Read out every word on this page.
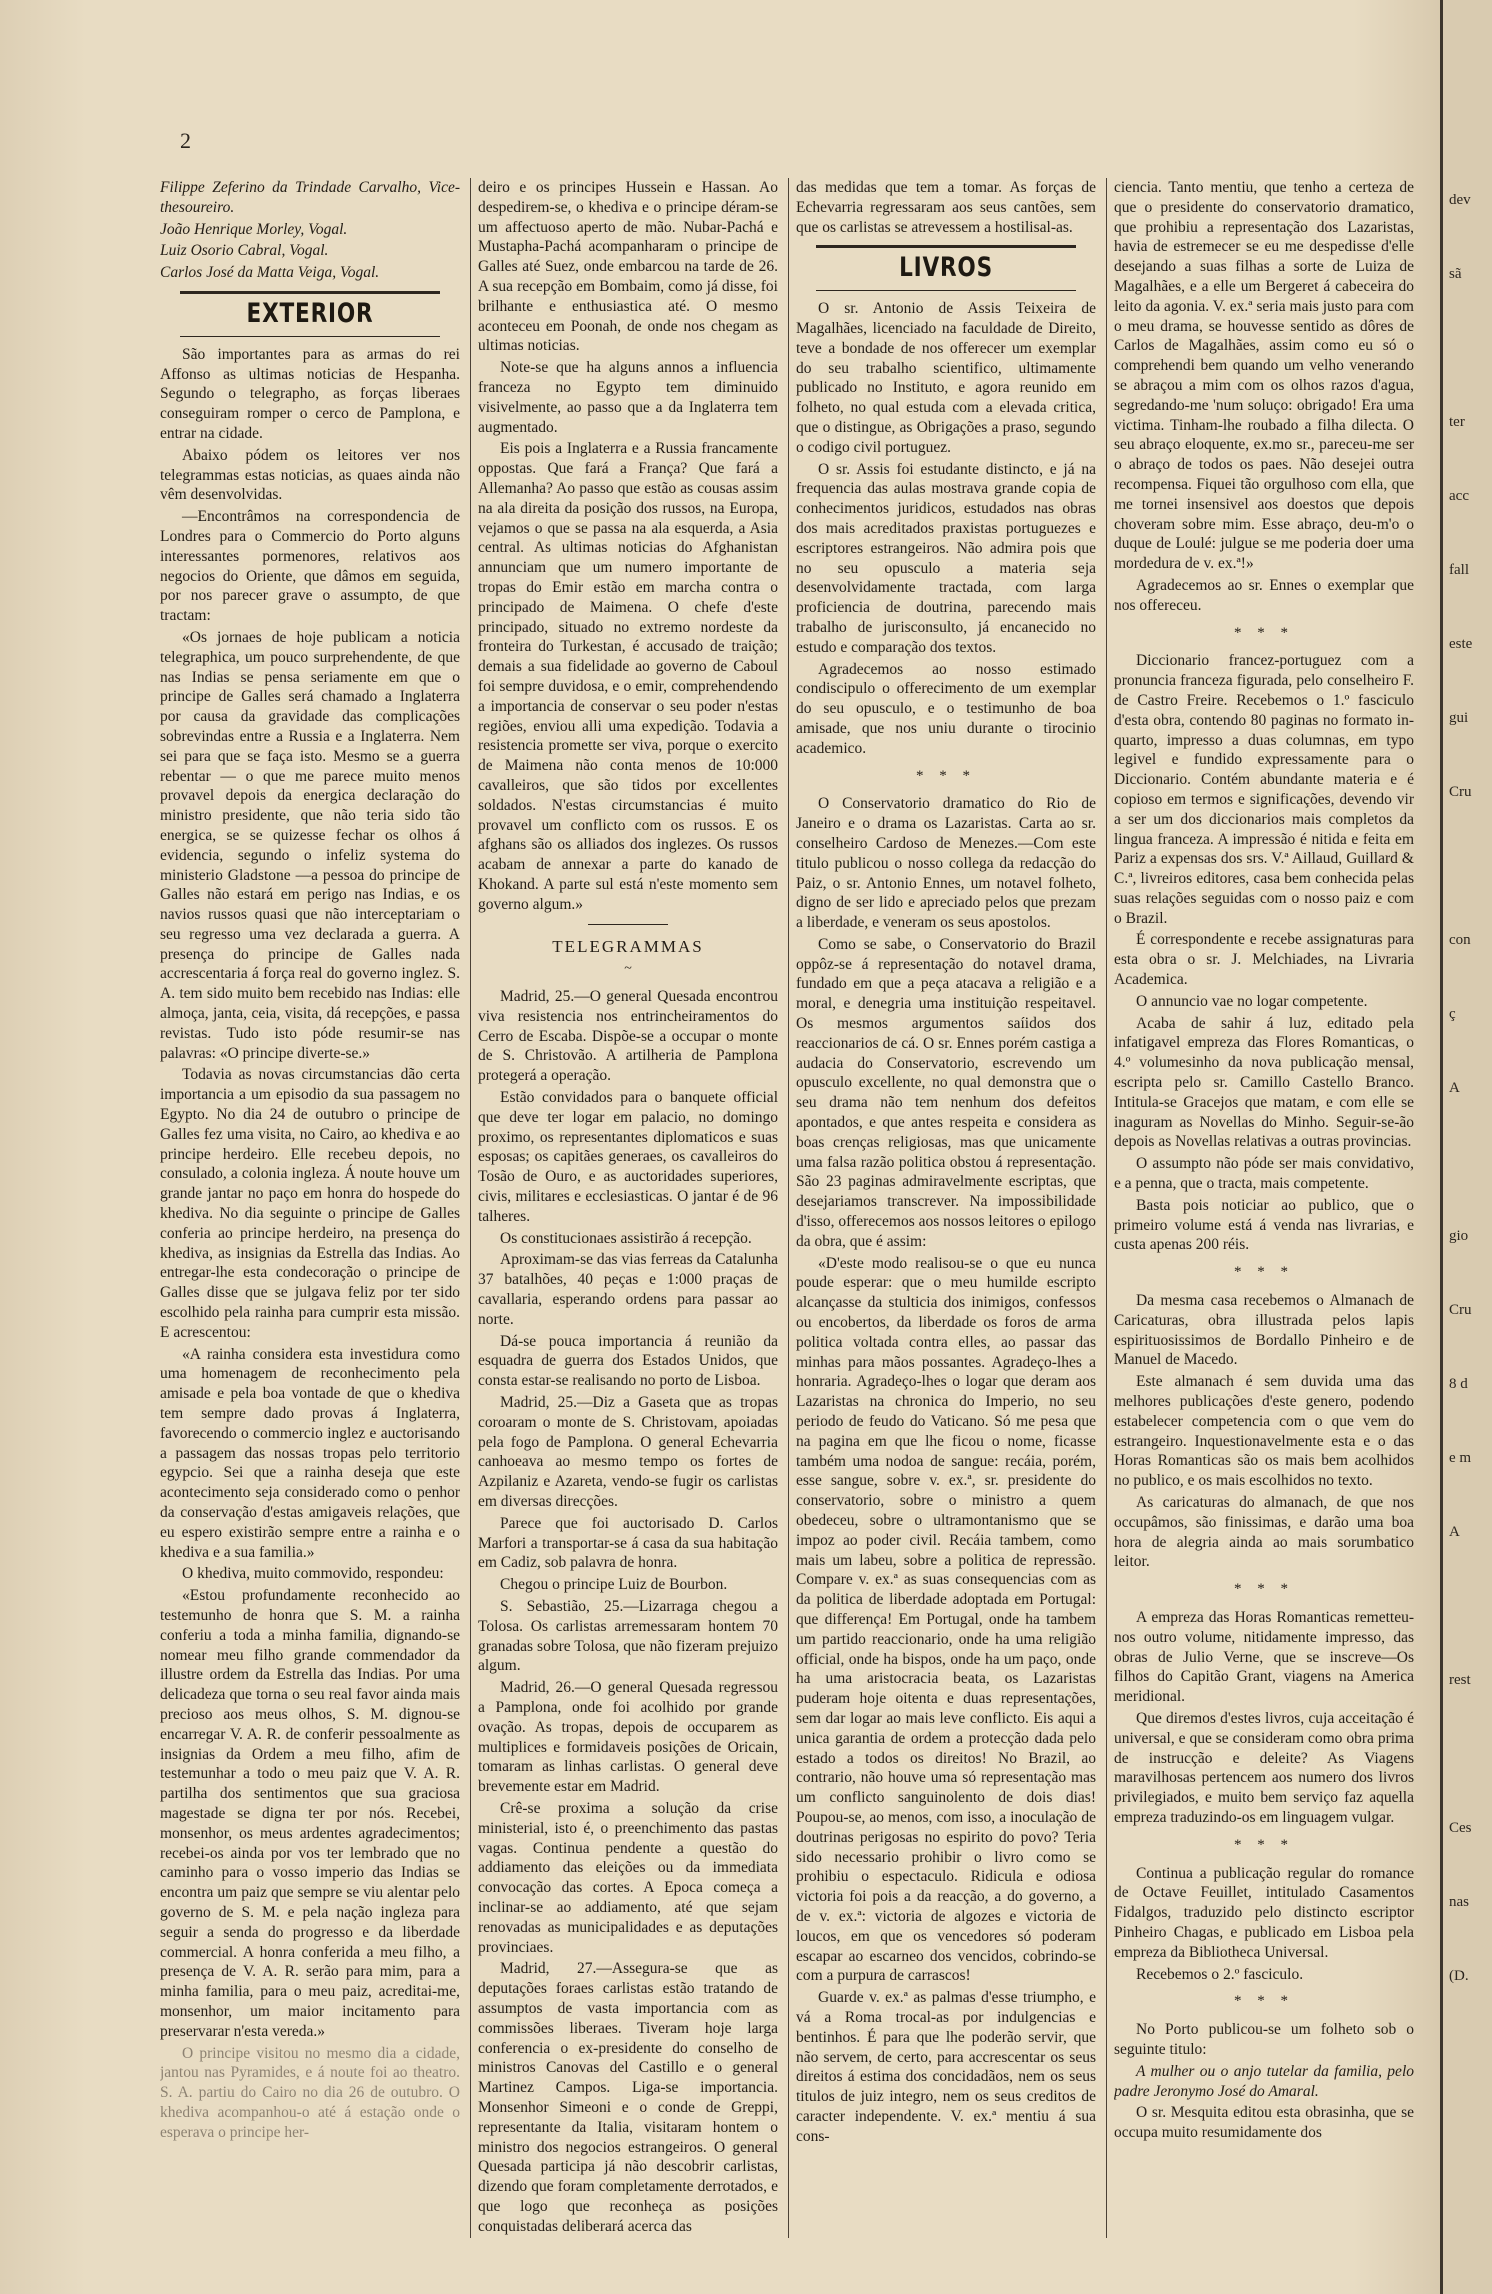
2

Filippe Zeferino da Trindade Carvalho, Vice-thesoureiro.

João Henrique Morley, Vogal.

Luiz Osorio Cabral, Vogal.

Carlos José da Matta Veiga, Vogal.

EXTERIOR

São importantes para as armas do rei Affonso as ultimas noticias de Hespanha. Segundo o telegrapho, as forças liberaes conseguiram romper o cerco de Pamplona, e entrar na cidade.

Abaixo pódem os leitores ver nos telegrammas estas noticias, as quaes ainda não vêm desenvolvidas.

—Encontrâmos na correspondencia de Londres para o Commercio do Porto alguns interessantes pormenores, relativos aos negocios do Oriente, que dâmos em seguida, por nos parecer grave o assumpto, de que tractam:

«Os jornaes de hoje publicam a noticia telegraphica, um pouco surprehendente, de que nas Indias se pensa seriamente em que o principe de Galles será chamado a Inglaterra por causa da gravidade das complicações sobrevindas entre a Russia e a Inglaterra. Nem sei para que se faça isto. Mesmo se a guerra rebentar — o que me parece muito menos provavel depois da energica declaração do ministro presidente, que não teria sido tão energica, se se quizesse fechar os olhos á evidencia, segundo o infeliz systema do ministerio Gladstone —a pessoa do principe de Galles não estará em perigo nas Indias, e os navios russos quasi que não interceptariam o seu regresso uma vez declarada a guerra. A presença do principe de Galles nada accrescentaria á força real do governo inglez. S. A. tem sido muito bem recebido nas Indias: elle almoça, janta, ceia, visita, dá recepções, e passa revistas. Tudo isto póde resumir-se nas palavras: «O principe diverte-se.»

Todavia as novas circumstancias dão certa importancia a um episodio da sua passagem no Egypto. No dia 24 de outubro o principe de Galles fez uma visita, no Cairo, ao khediva e ao principe herdeiro. Elle recebeu depois, no consulado, a colonia ingleza. Á noute houve um grande jantar no paço em honra do hospede do khediva. No dia seguinte o principe de Galles conferia ao principe herdeiro, na presença do khediva, as insignias da Estrella das Indias. Ao entregar-lhe esta condecoração o principe de Galles disse que se julgava feliz por ter sido escolhido pela rainha para cumprir esta missão. E acrescentou:

«A rainha considera esta investidura como uma homenagem de reconhecimento pela amisade e pela boa vontade de que o khediva tem sempre dado provas á Inglaterra, favorecendo o commercio inglez e auctorisando a passagem das nossas tropas pelo territorio egypcio. Sei que a rainha deseja que este acontecimento seja considerado como o penhor da conservação d'estas amigaveis relações, que eu espero existirão sempre entre a rainha e o khediva e a sua familia.»

O khediva, muito commovido, respondeu:

«Estou profundamente reconhecido ao testemunho de honra que S. M. a rainha conferiu a toda a minha familia, dignando-se nomear meu filho grande commendador da illustre ordem da Estrella das Indias. Por uma delicadeza que torna o seu real favor ainda mais precioso aos meus olhos, S. M. dignou-se encarregar V. A. R. de conferir pessoalmente as insignias da Ordem a meu filho, afim de testemunhar a todo o meu paiz que V. A. R. partilha dos sentimentos que sua graciosa magestade se digna ter por nós. Recebei, monsenhor, os meus ardentes agradecimentos; recebei-os ainda por vos ter lembrado que no caminho para o vosso imperio das Indias se encontra um paiz que sempre se viu alentar pelo governo de S. M. e pela nação ingleza para seguir a senda do progresso e da liberdade commercial. A honra conferida a meu filho, a presença de V. A. R. serão para mim, para a minha familia, para o meu paiz, acreditai-me, monsenhor, um maior incitamento para preservarar n'esta vereda.»

O principe visitou no mesmo dia a cidade, jantou nas Pyramides, e á noute foi ao theatro. S. A. partiu do Cairo no dia 26 de outubro. O khediva acompanhou-o até á estação onde o esperava o principe her-

deiro e os principes Hussein e Hassan. Ao despedirem-se, o khediva e o principe déram-se um affectuoso aperto de mão. Nubar-Pachá e Mustapha-Pachá acompanharam o principe de Galles até Suez, onde embarcou na tarde de 26. A sua recepção em Bombaim, como já disse, foi brilhante e enthusiastica até. O mesmo aconteceu em Poonah, de onde nos chegam as ultimas noticias.

Note-se que ha alguns annos a influencia franceza no Egypto tem diminuido visivelmente, ao passo que a da Inglaterra tem augmentado.

Eis pois a Inglaterra e a Russia francamente oppostas. Que fará a França? Que fará a Allemanha? Ao passo que estão as cousas assim na ala direita da posição dos russos, na Europa, vejamos o que se passa na ala esquerda, a Asia central. As ultimas noticias do Afghanistan annunciam que um numero importante de tropas do Emir estão em marcha contra o principado de Maimena. O chefe d'este principado, situado no extremo nordeste da fronteira do Turkestan, é accusado de traição; demais a sua fidelidade ao governo de Caboul foi sempre duvidosa, e o emir, comprehendendo a importancia de conservar o seu poder n'estas regiões, enviou alli uma expedição. Todavia a resistencia promette ser viva, porque o exercito de Maimena não conta menos de 10:000 cavalleiros, que são tidos por excellentes soldados. N'estas circumstancias é muito provavel um conflicto com os russos. E os afghans são os alliados dos inglezes. Os russos acabam de annexar a parte do kanado de Khokand. A parte sul está n'este momento sem governo algum.»

TELEGRAMMAS
~

Madrid, 25.—O general Quesada encontrou viva resistencia nos entrincheiramentos do Cerro de Escaba. Dispõe-se a occupar o monte de S. Christovão. A artilheria de Pamplona protegerá a operação.

Estão convidados para o banquete official que deve ter logar em palacio, no domingo proximo, os representantes diplomaticos e suas esposas; os capitães generaes, os cavalleiros do Tosão de Ouro, e as auctoridades superiores, civis, militares e ecclesiasticas. O jantar é de 96 talheres.

Os constitucionaes assistirão á recepção.

Aproximam-se das vias ferreas da Catalunha 37 batalhões, 40 peças e 1:000 praças de cavallaria, esperando ordens para passar ao norte.

Dá-se pouca importancia á reunião da esquadra de guerra dos Estados Unidos, que consta estar-se realisando no porto de Lisboa.

Madrid, 25.—Diz a Gaseta que as tropas coroaram o monte de S. Christovam, apoiadas pela fogo de Pamplona. O general Echevarria canhoeava ao mesmo tempo os fortes de Azpilaniz e Azareta, vendo-se fugir os carlistas em diversas direcções.

Parece que foi auctorisado D. Carlos Marfori a transportar-se á casa da sua habitação em Cadiz, sob palavra de honra.

Chegou o principe Luiz de Bourbon.

S. Sebastião, 25.—Lizarraga chegou a Tolosa. Os carlistas arremessaram hontem 70 granadas sobre Tolosa, que não fizeram prejuizo algum.

Madrid, 26.—O general Quesada regressou a Pamplona, onde foi acolhido por grande ovação. As tropas, depois de occuparem as multiplices e formidaveis posições de Oricain, tomaram as linhas carlistas. O general deve brevemente estar em Madrid.

Crê-se proxima a solução da crise ministerial, isto é, o preenchimento das pastas vagas. Continua pendente a questão do addiamento das eleições ou da immediata convocação das cortes. A Epoca começa a inclinar-se ao addiamento, até que sejam renovadas as municipalidades e as deputações provinciaes.

Madrid, 27.—Assegura-se que as deputações foraes carlistas estão tratando de assumptos de vasta importancia com as commissões liberaes. Tiveram hoje larga conferencia o ex-presidente do conselho de ministros Canovas del Castillo e o general Martinez Campos. Liga-se importancia. Monsenhor Simeoni e o conde de Greppi, representante da Italia, visitaram hontem o ministro dos negocios estrangeiros. O general Quesada participa já não descobrir carlistas, dizendo que foram completamente derrotados, e que logo que reconheça as posições conquistadas deliberará acerca das

das medidas que tem a tomar. As forças de Echevarria regressaram aos seus cantões, sem que os carlistas se atrevessem a hostilisal-as.

LIVROS

O sr. Antonio de Assis Teixeira de Magalhães, licenciado na faculdade de Direito, teve a bondade de nos offerecer um exemplar do seu trabalho scientifico, ultimamente publicado no Instituto, e agora reunido em folheto, no qual estuda com a elevada critica, que o distingue, as Obrigações a praso, segundo o codigo civil portuguez.

O sr. Assis foi estudante distincto, e já na frequencia das aulas mostrava grande copia de conhecimentos juridicos, estudados nas obras dos mais acreditados praxistas portuguezes e escriptores estrangeiros. Não admira pois que no seu opusculo a materia seja desenvolvidamente tractada, com larga proficiencia de doutrina, parecendo mais trabalho de jurisconsulto, já encanecido no estudo e comparação dos textos.

Agradecemos ao nosso estimado condiscipulo o offerecimento de um exemplar do seu opusculo, e o testimunho de boa amisade, que nos uniu durante o tirocinio academico.

* * *

O Conservatorio dramatico do Rio de Janeiro e o drama os Lazaristas. Carta ao sr. conselheiro Cardoso de Menezes.—Com este titulo publicou o nosso collega da redacção do Paiz, o sr. Antonio Ennes, um notavel folheto, digno de ser lido e apreciado pelos que prezam a liberdade, e veneram os seus apostolos.

Como se sabe, o Conservatorio do Brazil oppôz-se á representação do notavel drama, fundado em que a peça atacava a religião e a moral, e denegria uma instituição respeitavel. Os mesmos argumentos saíidos dos reaccionarios de cá. O sr. Ennes porém castiga a audacia do Conservatorio, escrevendo um opusculo excellente, no qual demonstra que o seu drama não tem nenhum dos defeitos apontados, e que antes respeita e considera as boas crenças religiosas, mas que unicamente uma falsa razão politica obstou á representação. São 23 paginas admiravelmente escriptas, que desejariamos transcrever. Na impossibilidade d'isso, offerecemos aos nossos leitores o epilogo da obra, que é assim:

«D'este modo realisou-se o que eu nunca poude esperar: que o meu humilde escripto alcançasse da stulticia dos inimigos, confessos ou encobertos, da liberdade os foros de arma politica voltada contra elles, ao passar das minhas para mãos possantes. Agradeço-lhes a honraria. Agradeço-lhes o logar que deram aos Lazaristas na chronica do Imperio, no seu periodo de feudo do Vaticano. Só me pesa que na pagina em que lhe ficou o nome, ficasse também uma nodoa de sangue: recáia, porém, esse sangue, sobre v. ex.ª, sr. presidente do conservatorio, sobre o ministro a quem obedeceu, sobre o ultramontanismo que se impoz ao poder civil. Recáia tambem, como mais um labeu, sobre a politica de repressão. Compare v. ex.ª as suas consequencias com as da politica de liberdade adoptada em Portugal: que differença! Em Portugal, onde ha tambem um partido reaccionario, onde ha uma religião official, onde ha bispos, onde ha um paço, onde ha uma aristocracia beata, os Lazaristas puderam hoje oitenta e duas representações, sem dar logar ao mais leve conflicto. Eis aqui a unica garantia de ordem a protecção dada pelo estado a todos os direitos! No Brazil, ao contrario, não houve uma só representação mas um conflicto sanguinolento de dois dias! Poupou-se, ao menos, com isso, a inoculação de doutrinas perigosas no espirito do povo? Teria sido necessario prohibir o livro como se prohibiu o espectaculo. Ridicula e odiosa victoria foi pois a da reacção, a do governo, a de v. ex.ª: victoria de algozes e victoria de loucos, em que os vencedores só poderam escapar ao escarneo dos vencidos, cobrindo-se com a purpura de carrascos!

Guarde v. ex.ª as palmas d'esse triumpho, e vá a Roma trocal-as por indulgencias e bentinhos. É para que lhe poderão servir, que não servem, de certo, para accrescentar os seus direitos á estima dos concidadãos, nem os seus titulos de juiz integro, nem os seus creditos de caracter independente. V. ex.ª mentiu á sua cons-

ciencia. Tanto mentiu, que tenho a certeza de que o presidente do conservatorio dramatico, que prohibiu a representação dos Lazaristas, havia de estremecer se eu me despedisse d'elle desejando a suas filhas a sorte de Luiza de Magalhães, e a elle um Bergeret á cabeceira do leito da agonia. V. ex.ª seria mais justo para com o meu drama, se houvesse sentido as dôres de Carlos de Magalhães, assim como eu só o comprehendi bem quando um velho venerando se abraçou a mim com os olhos razos d'agua, segredando-me 'num soluço: obrigado! Era uma victima. Tinham-lhe roubado a filha dilecta. O seu abraço eloquente, ex.mo sr., pareceu-me ser o abraço de todos os paes. Não desejei outra recompensa. Fiquei tão orgulhoso com ella, que me tornei insensivel aos doestos que depois choveram sobre mim. Esse abraço, deu-m'o o duque de Loulé: julgue se me poderia doer uma mordedura de v. ex.ª!»

Agradecemos ao sr. Ennes o exemplar que nos offereceu.

* * *

Diccionario francez-portuguez com a pronuncia franceza figurada, pelo conselheiro F. de Castro Freire. Recebemos o 1.º fasciculo d'esta obra, contendo 80 paginas no formato in-quarto, impresso a duas columnas, em typo legivel e fundido expressamente para o Diccionario. Contém abundante materia e é copioso em termos e significações, devendo vir a ser um dos diccionarios mais completos da lingua franceza. A impressão é nitida e feita em Pariz a expensas dos srs. V.ª Aillaud, Guillard & C.ª, livreiros editores, casa bem conhecida pelas suas relações seguidas com o nosso paiz e com o Brazil.

É correspondente e recebe assignaturas para esta obra o sr. J. Melchiades, na Livraria Academica.

O annuncio vae no logar competente.

Acaba de sahir á luz, editado pela infatigavel empreza das Flores Romanticas, o 4.º volumesinho da nova publicação mensal, escripta pelo sr. Camillo Castello Branco. Intitula-se Gracejos que matam, e com elle se inaguram as Novellas do Minho. Seguir-se-ão depois as Novellas relativas a outras provincias.

O assumpto não póde ser mais convidativo, e a penna, que o tracta, mais competente.

Basta pois noticiar ao publico, que o primeiro volume está á venda nas livrarias, e custa apenas 200 réis.

* * *

Da mesma casa recebemos o Almanach de Caricaturas, obra illustrada pelos lapis espirituosissimos de Bordallo Pinheiro e de Manuel de Macedo.

Este almanach é sem duvida uma das melhores publicações d'este genero, podendo estabelecer competencia com o que vem do estrangeiro. Inquestionavelmente esta e o das Horas Romanticas são os mais bem acolhidos no publico, e os mais escolhidos no texto.

As caricaturas do almanach, de que nos occupâmos, são finissimas, e darão uma boa hora de alegria ainda ao mais sorumbatico leitor.

* * *

A empreza das Horas Romanticas remetteu-nos outro volume, nitidamente impresso, das obras de Julio Verne, que se inscreve—Os filhos do Capitão Grant, viagens na America meridional.

Que diremos d'estes livros, cuja acceitação é universal, e que se consideram como obra prima de instrucção e deleite? As Viagens maravilhosas pertencem aos numero dos livros privilegiados, e muito bem serviço faz aquella empreza traduzindo-os em linguagem vulgar.

* * *

Continua a publicação regular do romance de Octave Feuillet, intitulado Casamentos Fidalgos, traduzido pelo distincto escriptor Pinheiro Chagas, e publicado em Lisboa pela empreza da Bibliotheca Universal.

Recebemos o 2.º fasciculo.

* * *

No Porto publicou-se um folheto sob o seguinte titulo:

A mulher ou o anjo tutelar da familia, pelo padre Jeronymo José do Amaral.

O sr. Mesquita editou esta obrasinha, que se occupa muito resumidamente dos

dev
sã

ter
acc
fall
este
gui
Cru

con
ç
A

gio
Cru
8 d
e m
A

rest

Ces
nas
(D.
